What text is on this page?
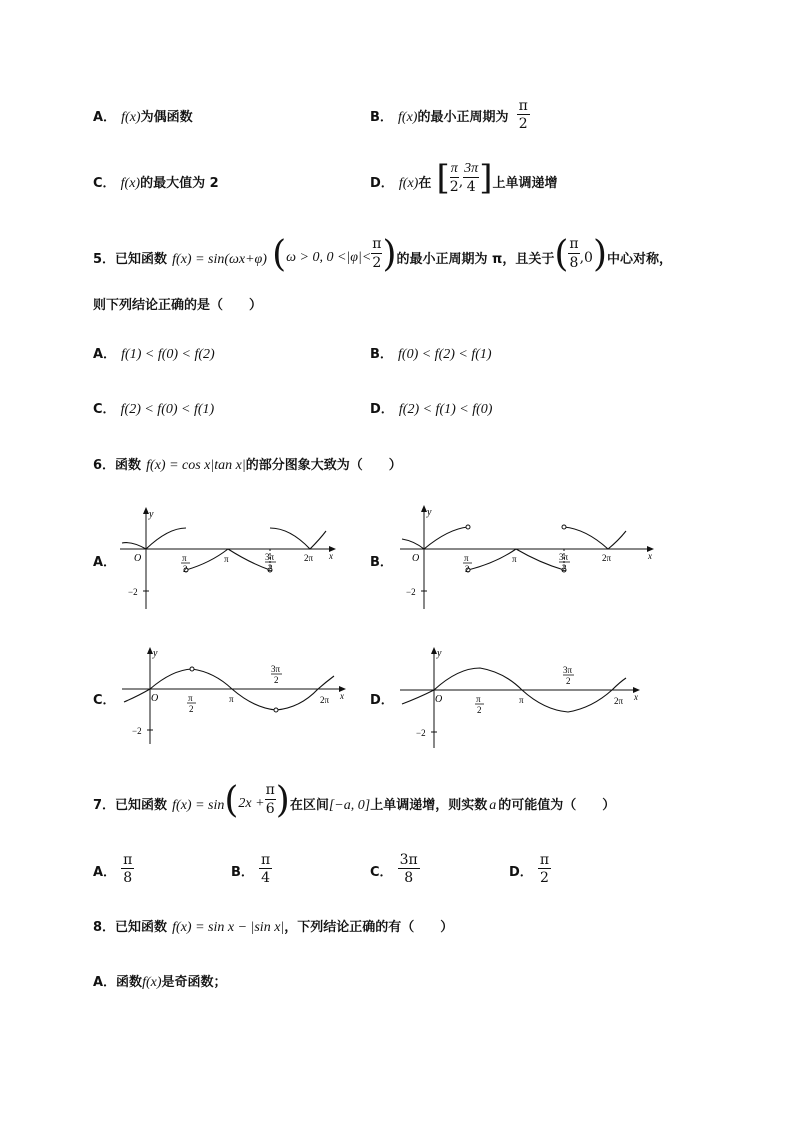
A． f(x)为偶函数	$_{B.}$ $f(x)_{的最小正周期为} \frac{\pi}{2}$
C． f(x)的最大值为 2	$_{D.}$ $f(x)_在$ [ $\frac{\pi}{2}$ , $\frac{3\pi}{4} ]_{上单调递增}$
$_{5.已知函数}$ f(x) = sin(ωx+φ) (ω > 0, $0 <|\varphi|< \frac{\pi}{2} )_{的最小正周期为 \pi,且关于}( \frac{\pi}{8} ,0)_{中心对称,}$
则下列结论正确的是（　　）
A． f(1) < f(0) < f(2)	B． f(0) < f(2) < f(1)
C． f(2) < f(0) < f(1)	D． f(2) < f(1) < f(0)
6．函数 f(x) = cos x|tan x|的部分图象大致为（　　）
A．	B．
C．	D．
y
x
O	π
π
2
3π
2
2π
−2
y
x
O	π
π
2
3π
2
2π
−2
y
x
O	π
π
2
3π
2
2π
−2
y
x
O	π
π
2
3π
2
2π
−2
$_{7.已知函数}$ $f(x) = \sin(2x + \frac{\pi}{6} )_{在区间}[-a$, $0]_{上单调递增,则实数}$ a $_{的可能值为( )}$
$_{A.} \frac{\pi}{8}$	$_{B.} \frac{\pi}{4}$	$_{C.} \frac{3\pi}{8}$	$_{D.} \frac{\pi}{2}$
8．已知函数 f(x) = sin x − |sin x|，下列结论正确的有（　　）
A．函数f(x)是奇函数；
